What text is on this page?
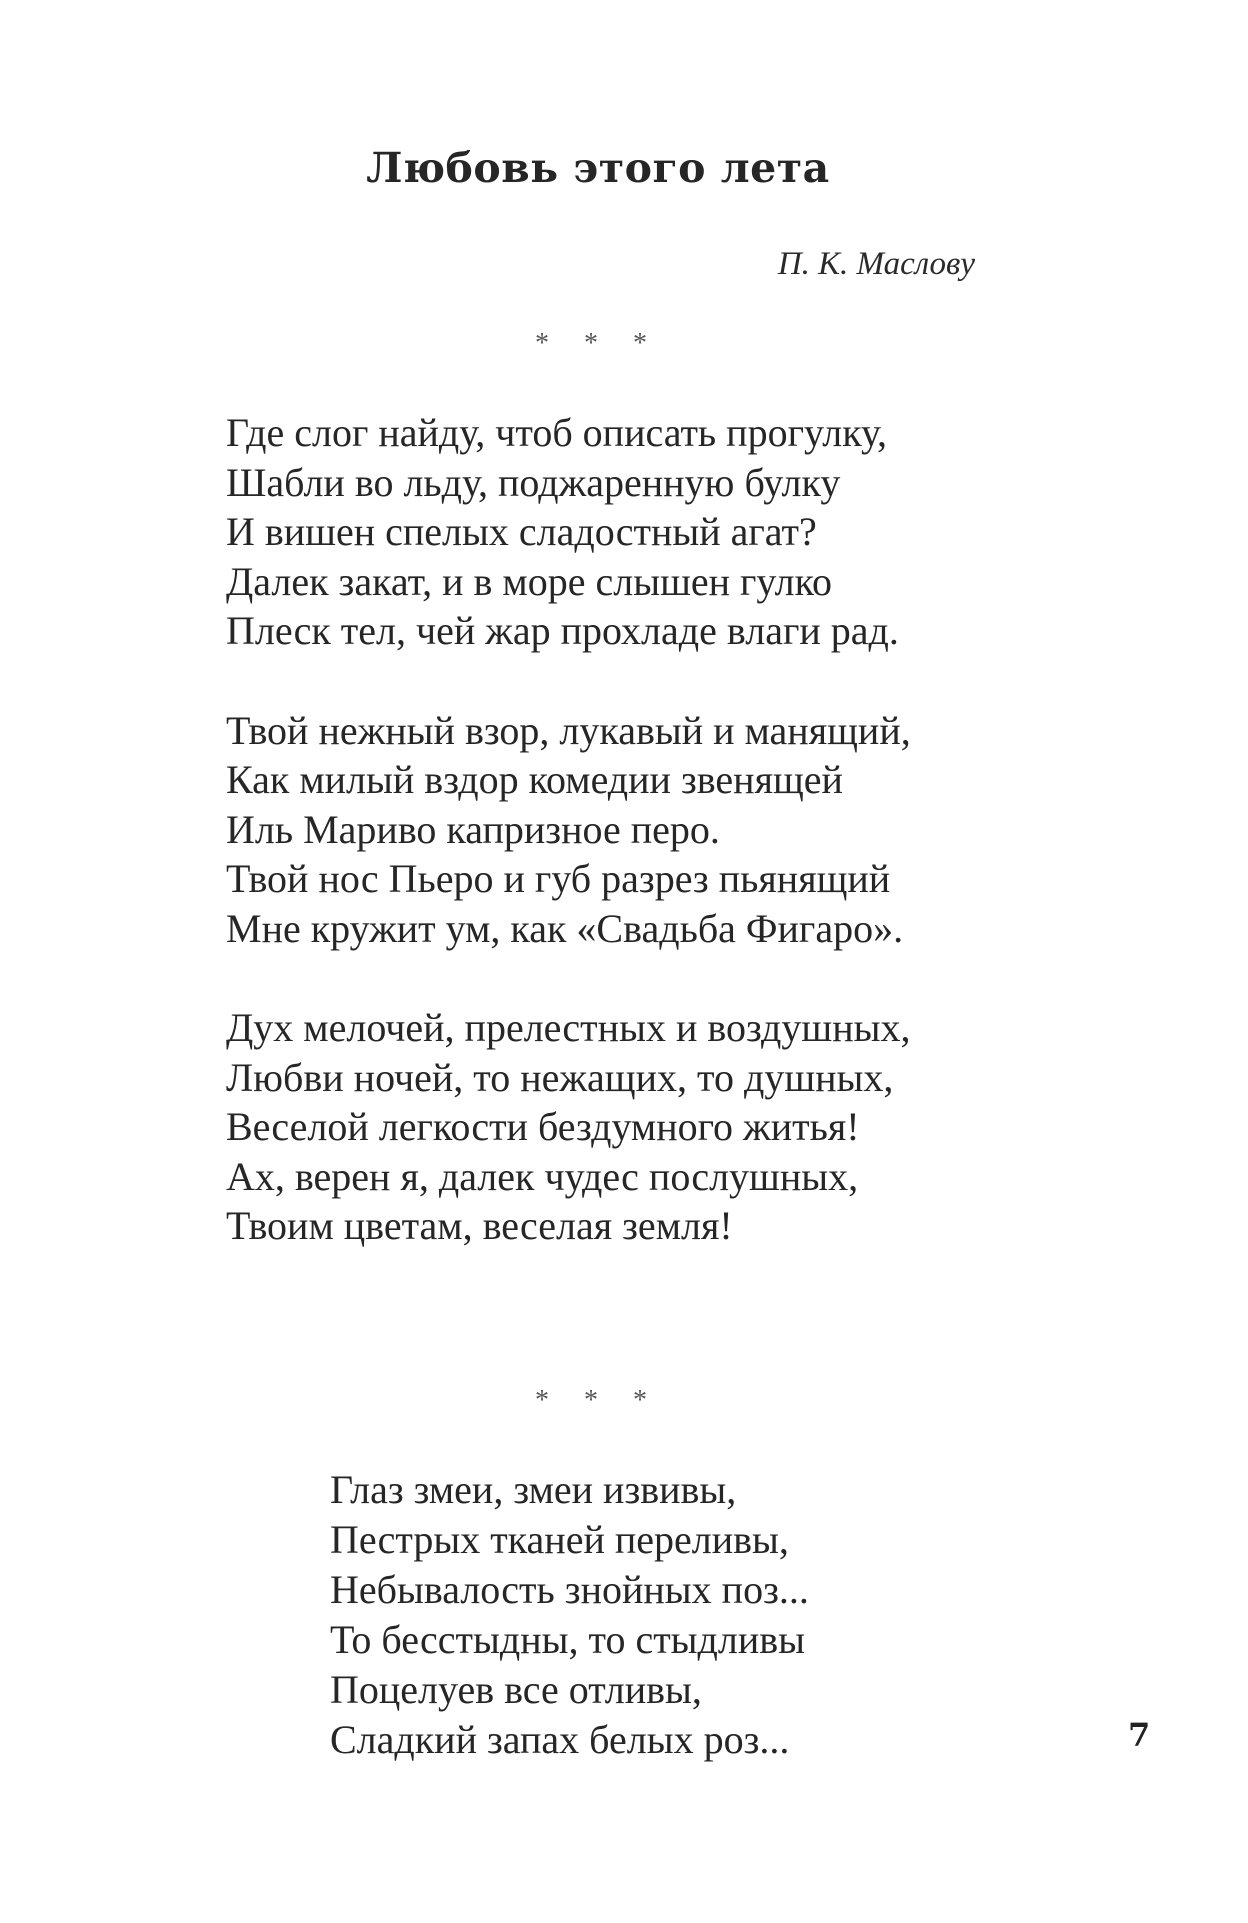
Любовь этого лета
П. К. Маслову
* * *
Где слог найду, чтоб описать прогулку,
Шабли во льду, поджаренную булку
И вишен спелых сладостный агат?
Далек закат, и в море слышен гулко
Плеск тел, чей жар прохладе влаги рад.
Твой нежный взор, лукавый и манящий,
Как милый вздор комедии звенящей
Иль Мариво капризное перо.
Твой нос Пьеро и губ разрез пьянящий
Мне кружит ум, как «Свадьба Фигаро».
Дух мелочей, прелестных и воздушных,
Любви ночей, то нежащих, то душных,
Веселой легкости бездумного житья!
Ах, верен я, далек чудес послушных,
Твоим цветам, веселая земля!
* * *
Глаз змеи, змеи извивы,
Пестрых тканей переливы,
Небывалость знойных поз...
То бесстыдны, то стыдливы
Поцелуев все отливы,
Сладкий запах белых роз...	7
